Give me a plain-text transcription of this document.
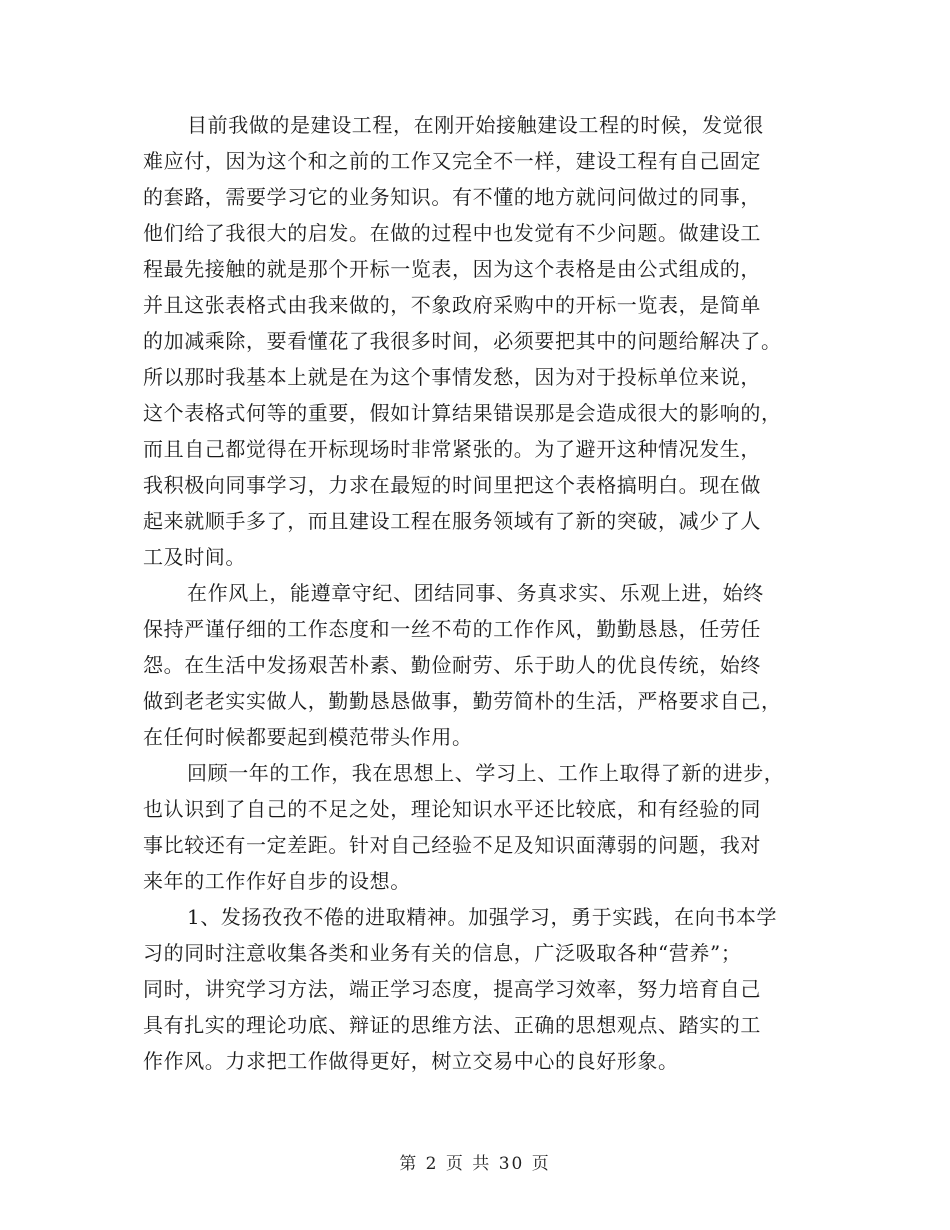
目前我做的是建设工程，在刚开始接触建设工程的时候，发觉很
难应付，因为这个和之前的工作又完全不一样，建设工程有自己固定
的套路，需要学习它的业务知识。有不懂的地方就问问做过的同事，
他们给了我很大的启发。在做的过程中也发觉有不少问题。做建设工
程最先接触的就是那个开标一览表，因为这个表格是由公式组成的，
并且这张表格式由我来做的，不象政府采购中的开标一览表，是简单
的加减乘除，要看懂花了我很多时间，必须要把其中的问题给解决了。
所以那时我基本上就是在为这个事情发愁，因为对于投标单位来说，
这个表格式何等的重要，假如计算结果错误那是会造成很大的影响的，
而且自己都觉得在开标现场时非常紧张的。为了避开这种情况发生，
我积极向同事学习，力求在最短的时间里把这个表格搞明白。现在做
起来就顺手多了，而且建设工程在服务领域有了新的突破，减少了人
工及时间。
在作风上，能遵章守纪、团结同事、务真求实、乐观上进，始终
保持严谨仔细的工作态度和一丝不苟的工作作风，勤勤恳恳，任劳任
怨。在生活中发扬艰苦朴素、勤俭耐劳、乐于助人的优良传统，始终
做到老老实实做人，勤勤恳恳做事，勤劳简朴的生活，严格要求自己，
在任何时候都要起到模范带头作用。
回顾一年的工作，我在思想上、学习上、工作上取得了新的进步，
也认识到了自己的不足之处，理论知识水平还比较底，和有经验的同
事比较还有一定差距。针对自己经验不足及知识面薄弱的问题，我对
来年的工作作好自步的设想。
1、发扬孜孜不倦的进取精神。加强学习，勇于实践，在向书本学
习的同时注意收集各类和业务有关的信息，广泛吸取各种“营养”；
同时，讲究学习方法，端正学习态度，提高学习效率，努力培育自己
具有扎实的理论功底、辩证的思维方法、正确的思想观点、踏实的工
作作风。力求把工作做得更好，树立交易中心的良好形象。
第 2 页 共 30 页
